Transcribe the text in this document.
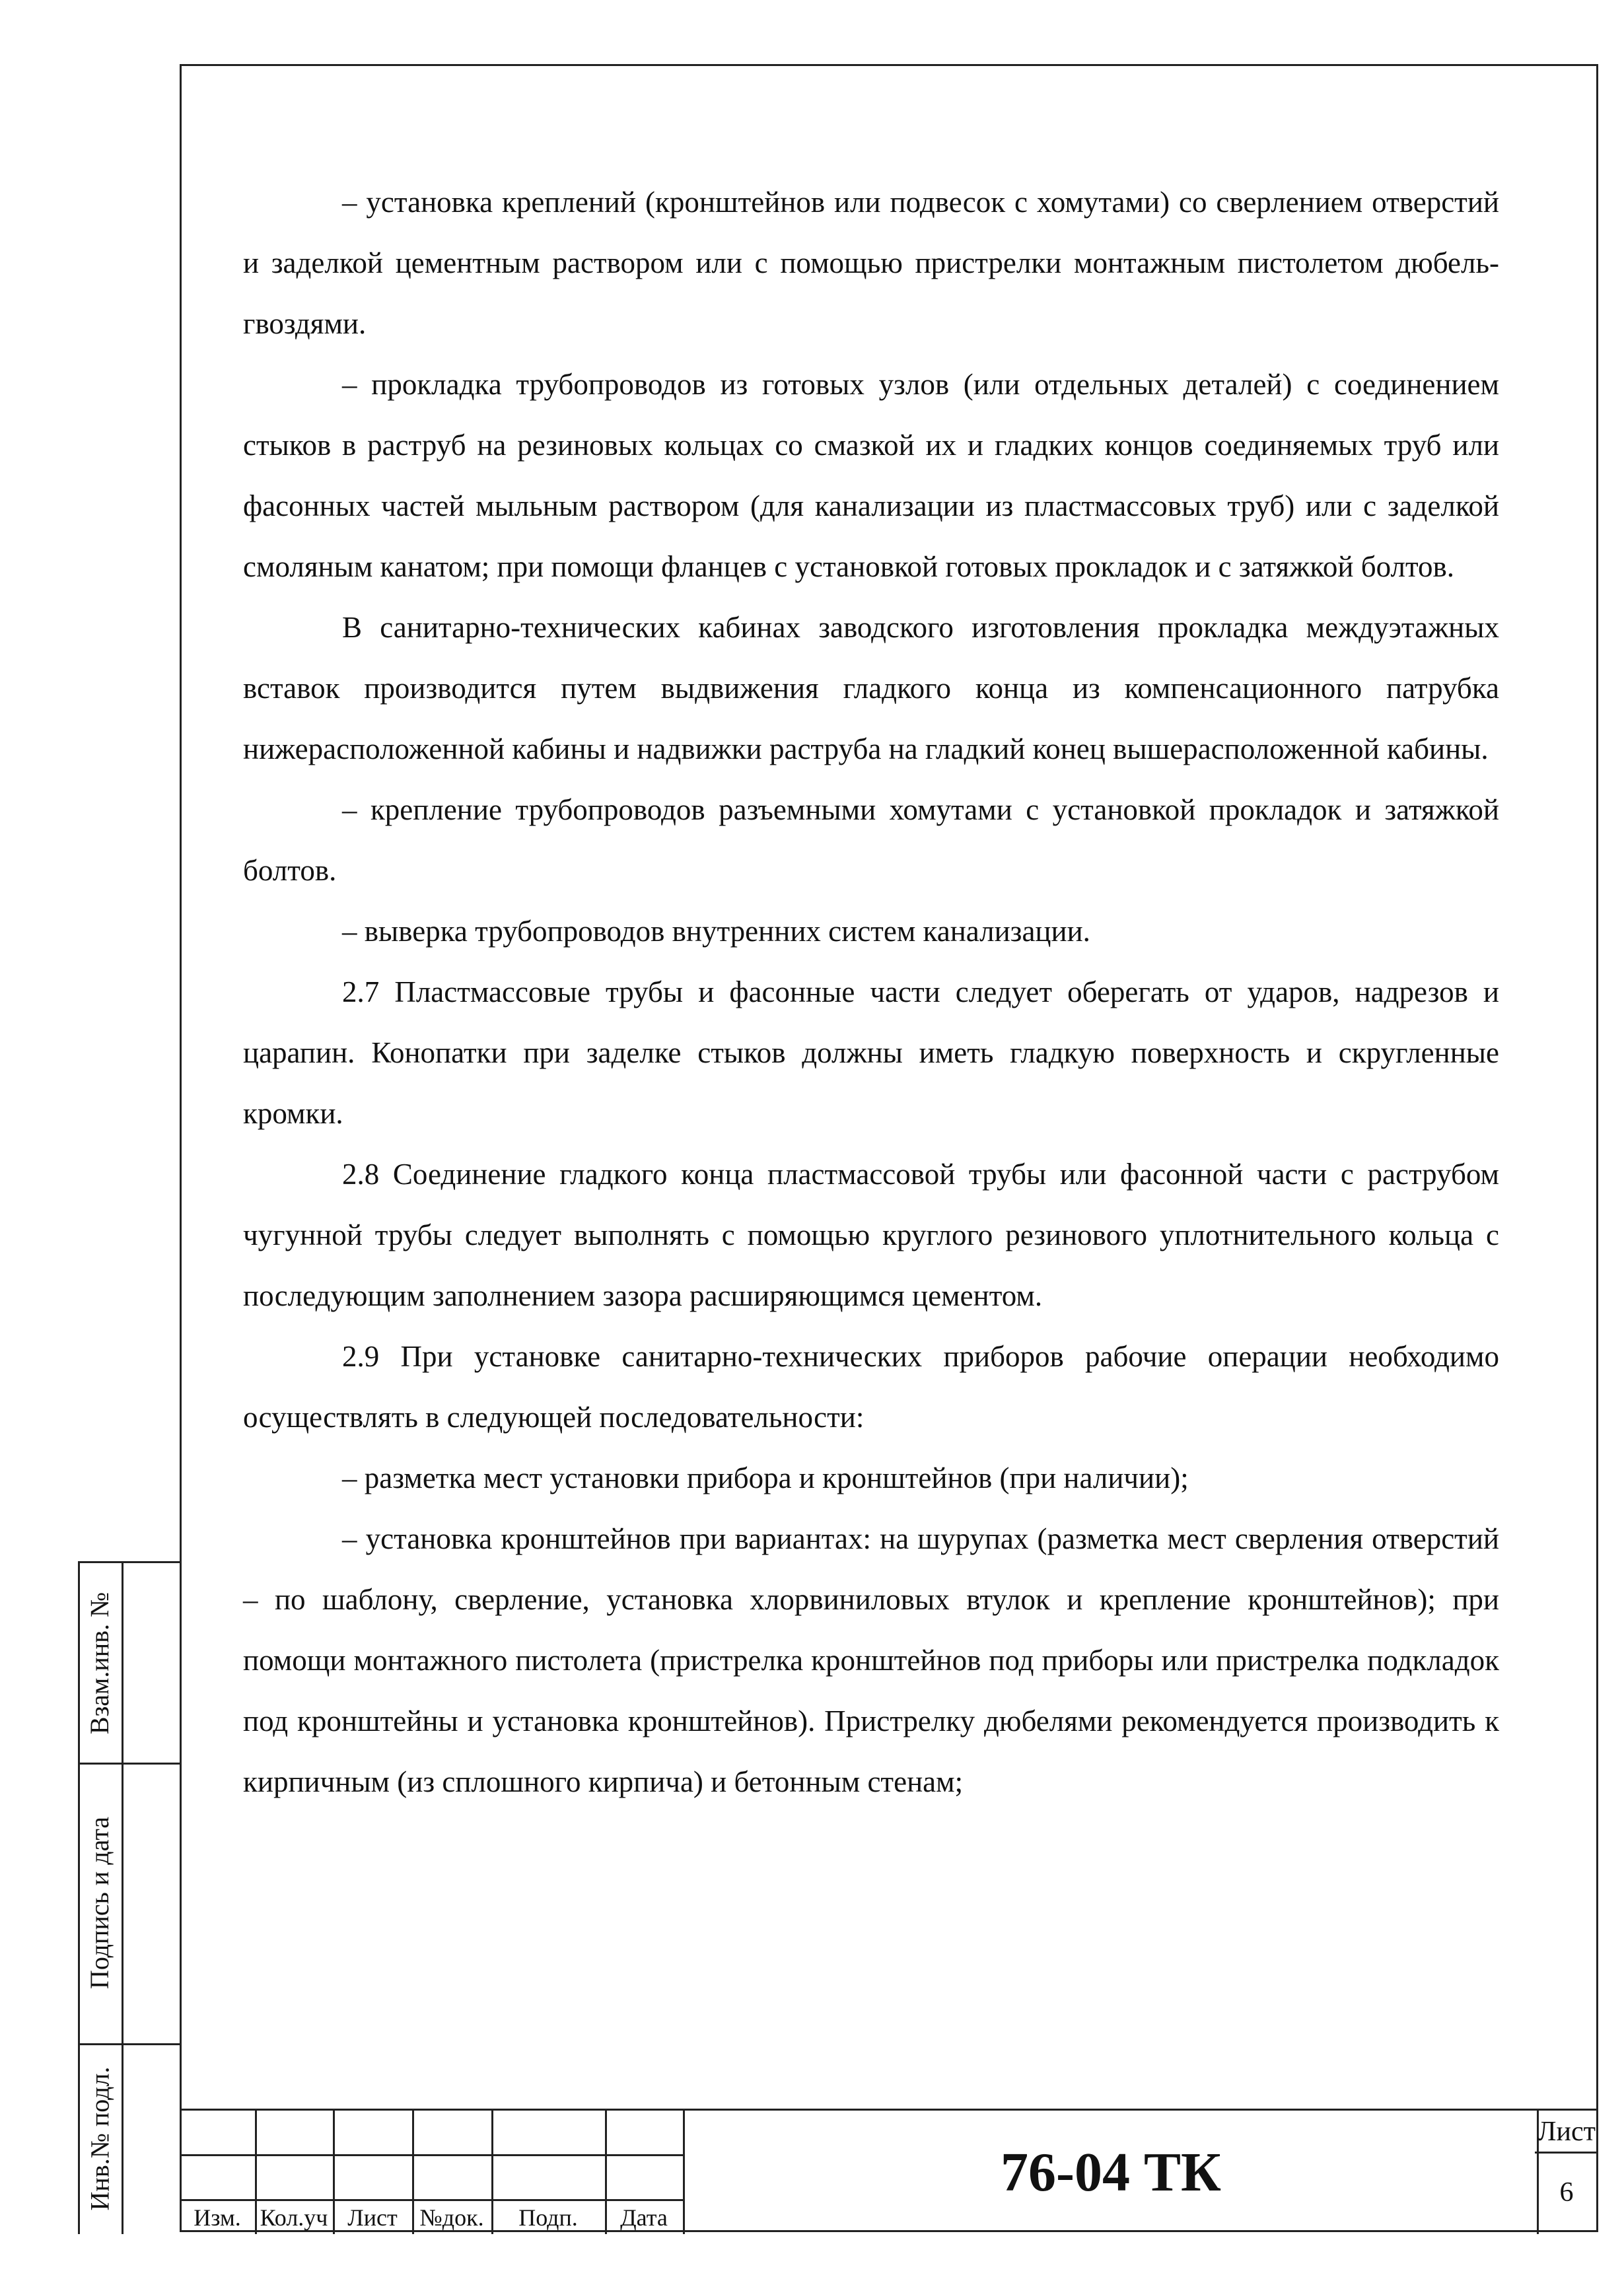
– установка креплений (кронштейнов или подвесок с хомутами) со сверлением отверстий и заделкой цементным раствором или с помощью пристрелки монтажным пистолетом дюбель-гвоздями.

– прокладка трубопроводов из готовых узлов (или отдельных деталей) с соединением стыков в раструб на резиновых кольцах со смазкой их и гладких концов соединяемых труб или фасонных частей мыльным раствором (для канализации из пластмассовых труб) или с заделкой смоляным канатом; при помощи фланцев с установкой готовых прокладок и с затяжкой болтов.

В санитарно-технических кабинах заводского изготовления прокладка междуэтажных вставок производится путем выдвижения гладкого конца из компенсационного патрубка нижерасположенной кабины и надвижки раструба на гладкий конец вышерасположенной кабины.

– крепление трубопроводов разъемными хомутами с установкой прокладок и затяжкой болтов.

– выверка трубопроводов внутренних систем канализации.

2.7 Пластмассовые трубы и фасонные части следует оберегать от ударов, надрезов и царапин. Конопатки при заделке стыков должны иметь гладкую поверхность и скругленные кромки.

2.8 Соединение гладкого конца пластмассовой трубы или фасонной части с раструбом чугунной трубы следует выполнять с помощью круглого резинового уплотнительного кольца с последующим заполнением зазора расширяющимся цементом.

2.9 При установке санитарно-технических приборов рабочие операции необходимо осуществлять в следующей последовательности:

– разметка мест установки прибора и кронштейнов (при наличии);

– установка кронштейнов при вариантах: на шурупах (разметка мест сверления отверстий – по шаблону, сверление, установка хлорвиниловых втулок и крепление кронштейнов); при помощи монтажного пистолета (пристрелка кронштейнов под приборы или пристрелка подкладок под кронштейны и установка кронштейнов). Пристрелку дюбелями рекомендуется производить к кирпичным (из сплошного кирпича) и бетонным стенам;

Взам.инв. №
Подпись и дата
Инв.№ подл.
Изм. Кол.уч Лист №док.	Подп.	Дата
76-04 ТК
Лист
6
